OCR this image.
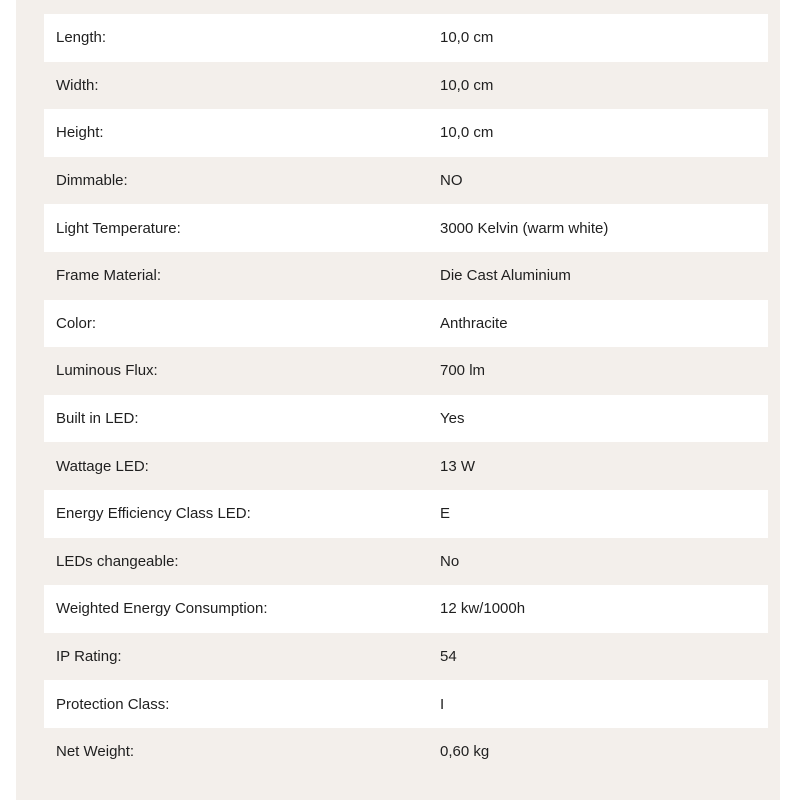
Length:	10,0 cm
Width:	10,0 cm
Height:	10,0 cm
Dimmable:	NO
Light Temperature:	3000 Kelvin (warm white)
Frame Material:	Die Cast Aluminium
Color:	Anthracite
Luminous Flux:	700 lm
Built in LED:	Yes
Wattage LED:	13 W
Energy Efficiency Class LED:	E
LEDs changeable:	No
Weighted Energy Consumption:	12 kw/1000h
IP Rating:	54
Protection Class:	I
Net Weight:	0,60 kg
